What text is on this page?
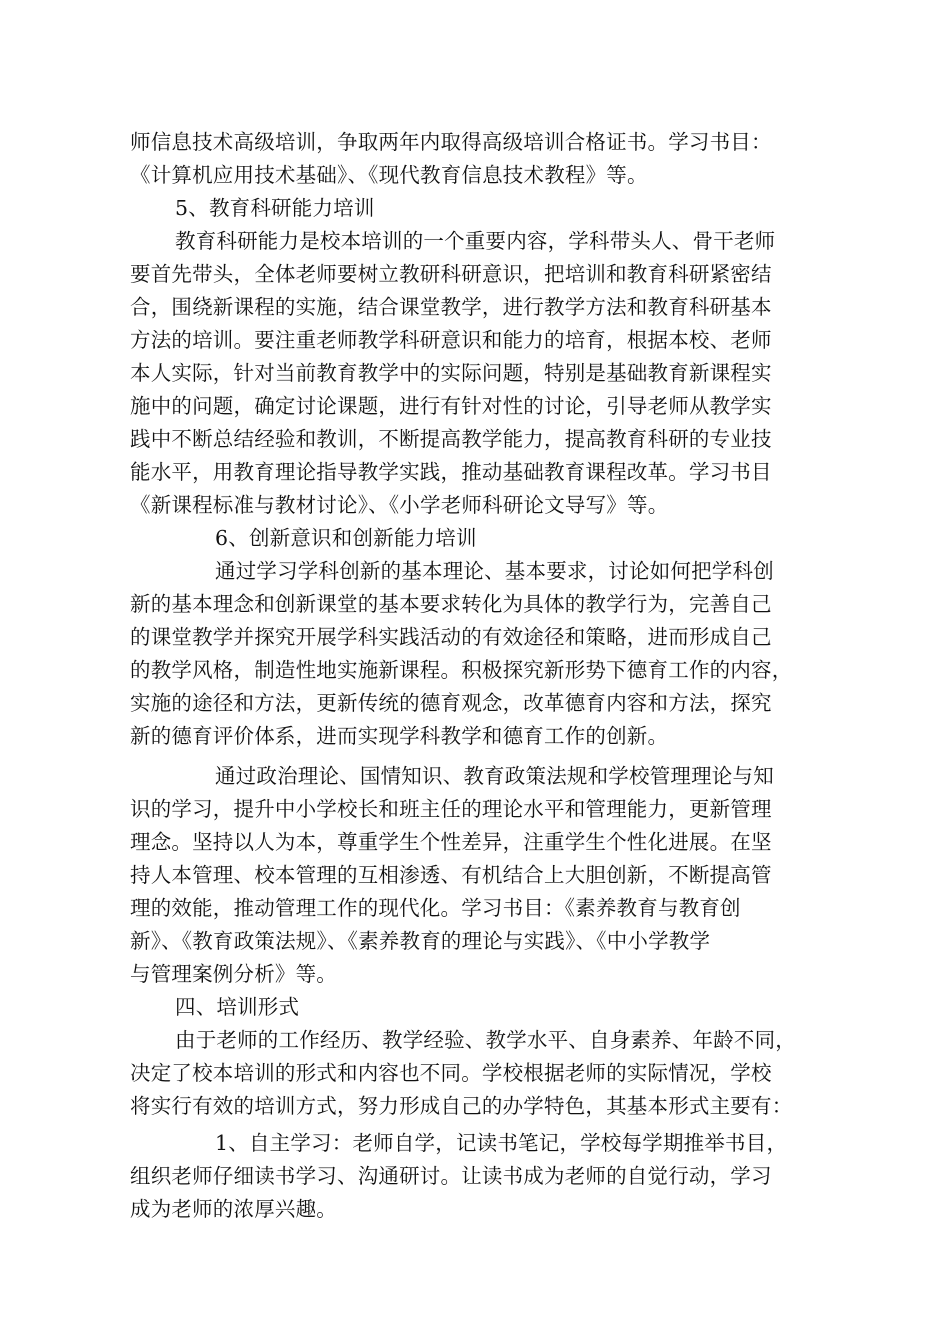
师信息技术高级培训，争取两年内取得高级培训合格证书。学习书目：
《计算机应用技术基础》、《现代教育信息技术教程》等。
5、教育科研能力培训
教育科研能力是校本培训的一个重要内容，学科带头人、骨干老师
要首先带头，全体老师要树立教研科研意识，把培训和教育科研紧密结
合，围绕新课程的实施，结合课堂教学，进行教学方法和教育科研基本
方法的培训。要注重老师教学科研意识和能力的培育，根据本校、老师
本人实际，针对当前教育教学中的实际问题，特别是基础教育新课程实
施中的问题，确定讨论课题，进行有针对性的讨论，引导老师从教学实
践中不断总结经验和教训，不断提高教学能力，提高教育科研的专业技
能水平，用教育理论指导教学实践，推动基础教育课程改革。学习书目
《新课程标准与教材讨论》、《小学老师科研论文导写》等。
6、创新意识和创新能力培训
通过学习学科创新的基本理论、基本要求，讨论如何把学科创
新的基本理念和创新课堂的基本要求转化为具体的教学行为，完善自己
的课堂教学并探究开展学科实践活动的有效途径和策略，进而形成自己
的教学风格，制造性地实施新课程。积极探究新形势下德育工作的内容，
实施的途径和方法，更新传统的德育观念，改革德育内容和方法，探究
新的德育评价体系，进而实现学科教学和德育工作的创新。
通过政治理论、国情知识、教育政策法规和学校管理理论与知
识的学习，提升中小学校长和班主任的理论水平和管理能力，更新管理
理念。坚持以人为本，尊重学生个性差异，注重学生个性化进展。在坚
持人本管理、校本管理的互相渗透、有机结合上大胆创新，不断提高管
理的效能，推动管理工作的现代化。学习书目：《素养教育与教育创
新》、《教育政策法规》、《素养教育的理论与实践》、《中小学教学
与管理案例分析》等。
四、培训形式
由于老师的工作经历、教学经验、教学水平、自身素养、年龄不同，
决定了校本培训的形式和内容也不同。学校根据老师的实际情况，学校
将实行有效的培训方式，努力形成自己的办学特色，其基本形式主要有：
1、自主学习：老师自学，记读书笔记，学校每学期推举书目，
组织老师仔细读书学习、沟通研讨。让读书成为老师的自觉行动，学习
成为老师的浓厚兴趣。
